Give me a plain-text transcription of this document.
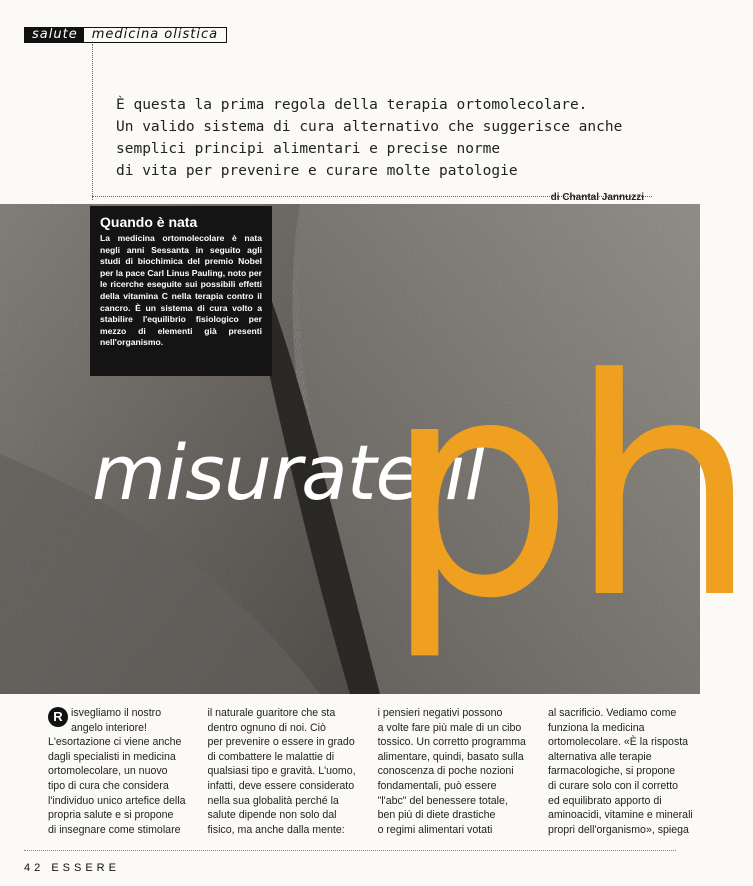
salute	medicina olistica
È questa la prima regola della terapia ortomolecolare.
Un valido sistema di cura alternativo che suggerisce anche
semplici principi alimentari e precise norme
di vita per prevenire e curare molte patologie
di Chantal Jannuzzi
Quando è nata

La medicina ortomolecolare è nata negli anni Sessanta in seguito agli studi di biochimica del premio Nobel per la pace Carl Linus Pauling, noto per le ricerche eseguite sui possibili effetti della vitamina C nella terapia contro il cancro. È un sistema di cura volto a stabilire l'equilibrio fisiologico per mezzo di elementi già presenti nell'organismo.

misurate il
ph
R isvegliamo il nostro
angelo interiore!
L'esortazione ci viene anche
dagli specialisti in medicina
ortomolecolare, un nuovo
tipo di cura che considera
l'individuo unico artefice della
propria salute e si propone
di insegnare come stimolare
il naturale guaritore che sta
dentro ognuno di noi. Ciò
per prevenire o essere in grado
di combattere le malattie di
qualsiasi tipo e gravità. L'uomo,
infatti, deve essere considerato
nella sua globalità perché la
salute dipende non solo dal
fisico, ma anche dalla mente:
i pensieri negativi possono
a volte fare più male di un cibo
tossico. Un corretto programma
alimentare, quindi, basato sulla
conoscenza di poche nozioni
fondamentali, può essere
"l'abc" del benessere totale,
ben più di diete drastiche
o regimi alimentari votati
al sacrificio. Vediamo come
funziona la medicina
ortomolecolare. «È la risposta
alternativa alle terapie
farmacologiche, si propone
di curare solo con il corretto
ed equilibrato apporto di
aminoacidi, vitamine e minerali
propri dell'organismo», spiega
42 ESSERE
